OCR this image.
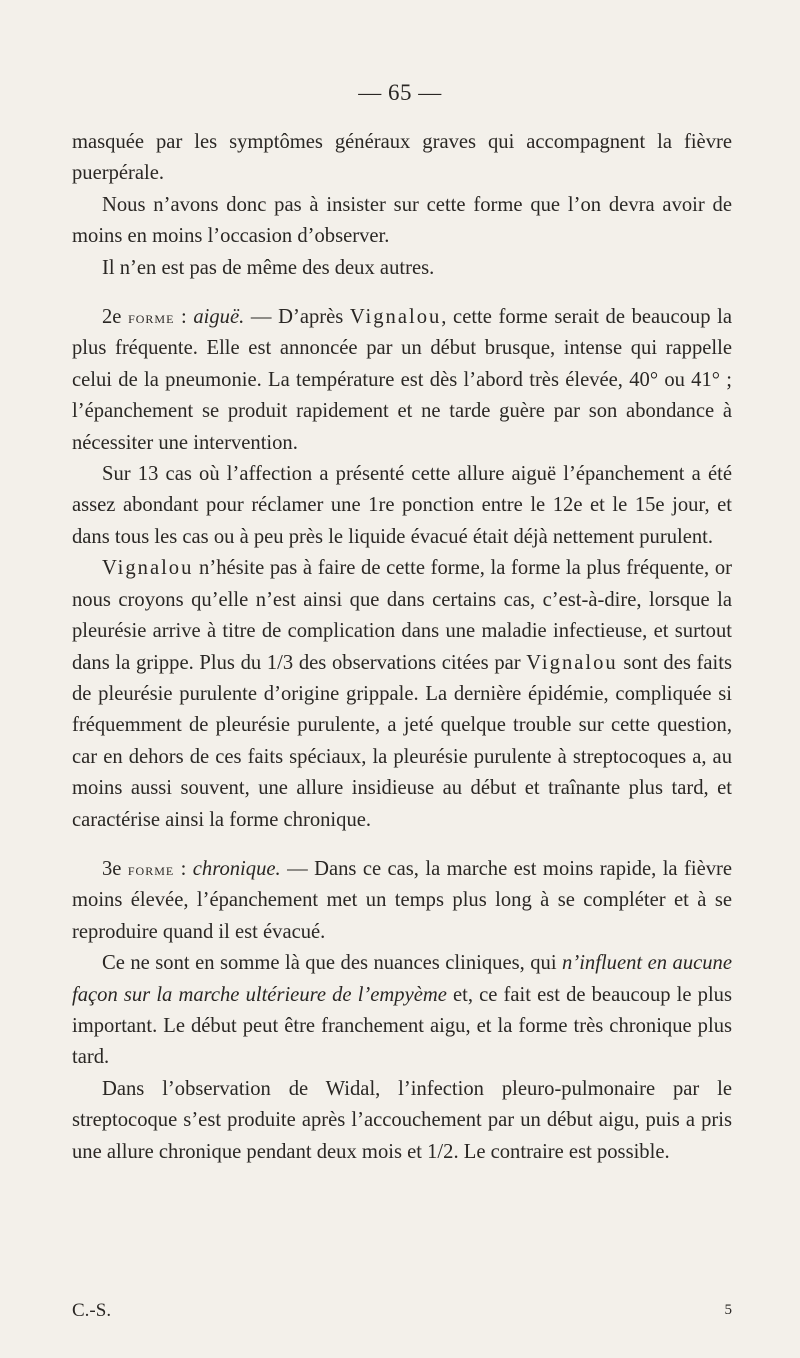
— 65 —

masquée par les symptômes généraux graves qui accompagnent la fièvre puerpérale.

Nous n’avons donc pas à insister sur cette forme que l’on devra avoir de moins en moins l’occasion d’observer.

Il n’en est pas de même des deux autres.

2e forme : aiguë. — D’après Vignalou, cette forme serait de beaucoup la plus fréquente. Elle est annoncée par un début brusque, intense qui rappelle celui de la pneumonie. La température est dès l’abord très élevée, 40° ou 41° ; l’épanchement se produit rapidement et ne tarde guère par son abondance à nécessiter une intervention.

Sur 13 cas où l’affection a présenté cette allure aiguë l’épanchement a été assez abondant pour réclamer une 1re ponction entre le 12e et le 15e jour, et dans tous les cas ou à peu près le liquide évacué était déjà nettement purulent.

Vignalou n’hésite pas à faire de cette forme, la forme la plus fréquente, or nous croyons qu’elle n’est ainsi que dans certains cas, c’est-à-dire, lorsque la pleurésie arrive à titre de complication dans une maladie infectieuse, et surtout dans la grippe. Plus du 1/3 des observations citées par Vignalou sont des faits de pleurésie purulente d’origine grippale. La dernière épidémie, compliquée si fréquemment de pleurésie purulente, a jeté quelque trouble sur cette question, car en dehors de ces faits spéciaux, la pleurésie purulente à streptocoques a, au moins aussi souvent, une allure insidieuse au début et traînante plus tard, et caractérise ainsi la forme chronique.

3e forme : chronique. — Dans ce cas, la marche est moins rapide, la fièvre moins élevée, l’épanchement met un temps plus long à se compléter et à se reproduire quand il est évacué.

Ce ne sont en somme là que des nuances cliniques, qui n’influent en aucune façon sur la marche ultérieure de l’empyème et, ce fait est de beaucoup le plus important. Le début peut être franchement aigu, et la forme très chronique plus tard.

Dans l’observation de Widal, l’infection pleuro-pulmonaire par le streptocoque s’est produite après l’accouchement par un début aigu, puis a pris une allure chronique pendant deux mois et 1/2. Le contraire est possible.

C.-S.	5
